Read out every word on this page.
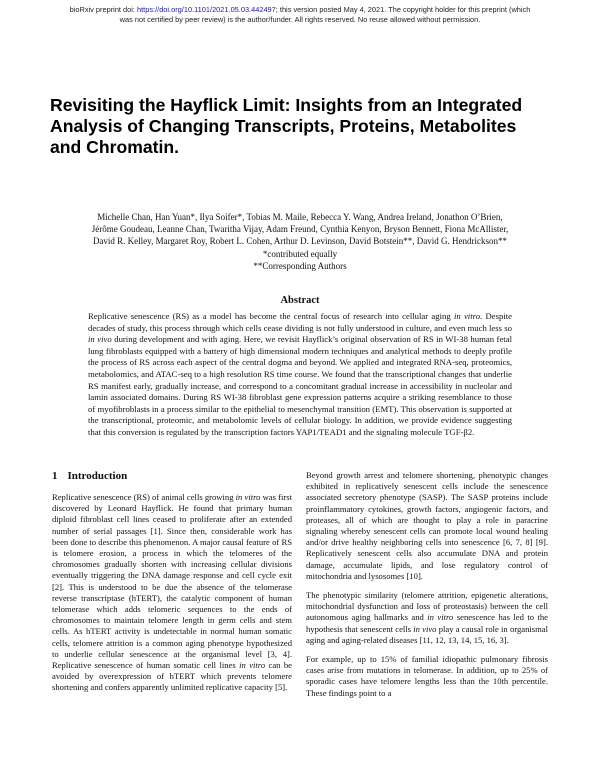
bioRxiv preprint doi: https://doi.org/10.1101/2021.05.03.442497; this version posted May 4, 2021. The copyright holder for this preprint (which
was not certified by peer review) is the author/funder. All rights reserved. No reuse allowed without permission.
Revisiting the Hayflick Limit: Insights from an Integrated Analysis of Changing Transcripts, Proteins, Metabolites and Chromatin.
Michelle Chan, Han Yuan*, Ilya Soifer*, Tobias M. Maile, Rebecca Y. Wang, Andrea Ireland, Jonathon O’Brien,
Jérôme Goudeau, Leanne Chan, Twaritha Vijay, Adam Freund, Cynthia Kenyon, Bryson Bennett, Fiona McAllister,
David R. Kelley, Margaret Roy, Robert L. Cohen, Arthur D. Levinson, David Botstein**, David G. Hendrickson**
*contributed equally
**Corresponding Authors
Abstract

Replicative senescence (RS) as a model has become the central focus of research into cellular aging in vitro. Despite decades of study, this process through which cells cease dividing is not fully understood in culture, and even much less so in vivo during development and with aging. Here, we revisit Hayflick’s original observation of RS in WI-38 human fetal lung fibroblasts equipped with a battery of high dimensional modern techniques and analytical methods to deeply profile the process of RS across each aspect of the central dogma and beyond. We applied and integrated RNA-seq, proteomics, metabolomics, and ATAC-seq to a high resolution RS time course. We found that the transcriptional changes that underlie RS manifest early, gradually increase, and correspond to a concomitant gradual increase in accessibility in nucleolar and lamin associated domains. During RS WI-38 fibroblast gene expression patterns acquire a striking resemblance to those of myofibroblasts in a process similar to the epithelial to mesenchymal transition (EMT). This observation is supported at the transcriptional, proteomic, and metabolomic levels of cellular biology. In addition, we provide evidence suggesting that this conversion is regulated by the transcription factors YAP1/TEAD1 and the signaling molecule TGF-β2.

1 Introduction

Replicative senescence (RS) of animal cells growing in vitro was first discovered by Leonard Hayflick. He found that primary human diploid fibroblast cell lines ceased to proliferate after an extended number of serial passages [1]. Since then, considerable work has been done to describe this phenomenon. A major causal feature of RS is telomere erosion, a process in which the telomeres of the chromosomes gradually shorten with increasing cellular divisions eventually triggering the DNA damage response and cell cycle exit [2]. This is understood to be due the absence of the telomerase reverse transcriptase (hTERT), the catalytic component of human telomerase which adds telomeric sequences to the ends of chromosomes to maintain telomere length in germ cells and stem cells. As hTERT activity is undetectable in normal human somatic cells, telomere attrition is a common aging phenotype hypothesized to underlie cellular senescence at the organismal level [3, 4]. Replicative senescence of human somatic cell lines in vitro can be avoided by overexpression of hTERT which prevents telomere shortening and confers apparently unlimited replicative capacity [5].

Beyond growth arrest and telomere shortening, phenotypic changes exhibited in replicatively senescent cells include the senescence associated secretory phenotype (SASP). The SASP proteins include proinflammatory cytokines, growth factors, angiogenic factors, and proteases, all of which are thought to play a role in paracrine signaling whereby senescent cells can promote local wound healing and/or drive healthy neighboring cells into senescence [6, 7, 8] [9]. Replicatively senescent cells also accumulate DNA and protein damage, accumulate lipids, and lose regulatory control of mitochondria and lysosomes [10].

The phenotypic similarity (telomere attrition, epigenetic alterations, mitochondrial dysfunction and loss of proteostasis) between the cell autonomous aging hallmarks and in vitro senescence has led to the hypothesis that senescent cells in vivo play a causal role in organismal aging and aging-related diseases [11, 12, 13, 14, 15, 16, 3].

For example, up to 15% of familial idiopathic pulmonary fibrosis cases arise from mutations in telomerase. In addition, up to 25% of sporadic cases have telomere lengths less than the 10th percentile. These findings point to a
